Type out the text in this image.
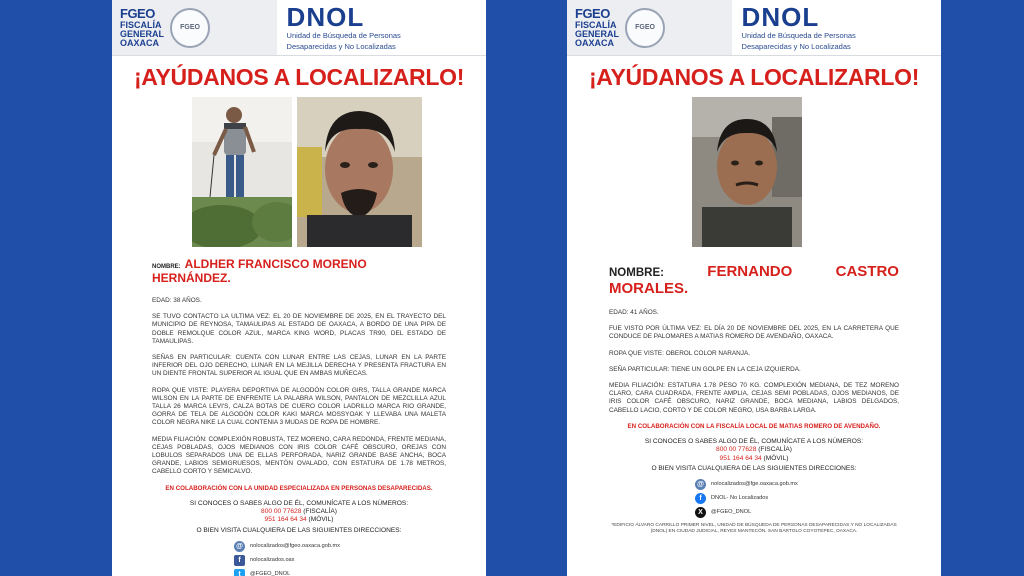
FGEO
FISCALÍA
GENERAL
OAXACA
FGEO	DNOL
Unidad de Búsqueda de Personas
Desaparecidas y No Localizadas
¡AYÚDANOS A LOCALIZARLO!
NOMBRE: ALDHER FRANCISCO MORENO
HERNÁNDEZ.
EDAD: 38 AÑOS.
SE TUVO CONTACTO LA ULTIMA VEZ: EL 20 DE NOVIEMBRE DE 2025, EN EL TRAYECTO DEL MUNICIPIO DE REYNOSA, TAMAULIPAS AL ESTADO DE OAXACA, A BORDO DE UNA PIPA DE DOBLE REMOLQUE COLOR AZUL, MARCA KING WORD, PLACAS TR90, DEL ESTADO DE TAMAULIPAS.
SEÑAS EN PARTICULAR: CUENTA CON LUNAR ENTRE LAS CEJAS, LUNAR EN LA PARTE INFERIOR DEL OJO DERECHO, LUNAR EN LA MEJILLA DERECHA Y PRESENTA FRACTURA EN UN DIENTE FRONTAL SUPERIOR AL IGUAL QUE EN AMBAS MUÑECAS.
ROPA QUE VISTE: PLAYERA DEPORTIVA DE ALGODÓN COLOR GIRS, TALLA GRANDE MARCA WILSON EN LA PARTE DE ENFRENTE LA PALABRA WILSON, PANTALON DE MEZCLILLA AZUL TALLA 26 MARCA LEVI'S, CALZA BOTAS DE CUERO COLOR LADRILLO MARCA RIO GRANDE, GORRA DE TELA DE ALGODÓN COLOR KAKI MARCA MOSSYOAK Y LLEVABA UNA MALETA COLOR NEGRA NIKE LA CUAL CONTENIA 3 MUDAS DE ROPA DE HOMBRE.
MEDIA FILIACIÓN: COMPLEXIÓN ROBUSTA, TEZ MORENO, CARA REDONDA, FRENTE MEDIANA, CEJAS POBLADAS, OJOS MEDIANOS CON IRIS COLOR CAFÉ OBSCURO, OREJAS CON LOBULOS SEPARADOS UNA DE ELLAS PERFORADA, NARIZ GRANDE BASE ANCHA, BOCA GRANDE, LABIOS SEMIGRUESOS, MENTÓN OVALADO, CON ESTATURA DE 1.78 METROS, CABELLO CORTO Y SEMICALVO.
EN COLABORACIÓN CON LA UNIDAD ESPECIALIZADA EN PERSONAS DESAPARECIDAS.
SI CONOCES O SABES ALGO DE ÉL, COMUNÍCATE A LOS NÚMEROS:
800 00 77628 (FISCALÍA)
951 164 64 34 (MÓVIL)
O BIEN VISITA CUALQUIERA DE LAS SIGUIENTES DIRECCIONES:
@	nolocalizados@fgeo.oaxaca.gob.mx
f	nolocalizados.oax
t	@FGEO_DNOL
FGEO
FISCALÍA
GENERAL
OAXACA
FGEO	DNOL
Unidad de Búsqueda de Personas
Desaparecidas y No Localizadas
¡AYÚDANOS A LOCALIZARLO!
NOMBRE:	FERNANDO	CASTRO
MORALES.
EDAD: 41 AÑOS.
FUE VISTO POR ÚLTIMA VEZ: EL DÍA 20 DE NOVIEMBRE DEL 2025, EN LA CARRETERA QUE CONDUCE DE PALOMARES A MATIAS ROMERO DE AVENDAÑO, OAXACA.
ROPA QUE VISTE: OBEROL COLOR NARANJA.
SEÑA PARTICULAR: TIENE UN GOLPE EN LA CEJA IZQUIERDA.
MEDIA FILIACIÓN: ESTATURA 1.78 PESO 70 KG. COMPLEXIÓN MEDIANA, DE TEZ MORENO CLARO, CARA CUADRADA, FRENTE AMPLIA, CEJAS SEMI POBLADAS, OJOS MEDIANOS, DE IRIS COLOR CAFÉ OBSCURO, NARIZ GRANDE, BOCA MEDIANA, LABIOS DELGADOS, CABELLO LACIO, CORTO Y DE COLOR NEGRO, USA BARBA LARGA.
EN COLABORACIÓN CON LA FISCALÍA LOCAL DE MATIAS ROMERO DE AVENDAÑO.
SI CONOCES O SABES ALGO DE ÉL, COMUNÍCATE A LOS NÚMEROS:
800 00 77628 (FISCALÍA)
951 164 64 34 (MÓVIL)
O BIEN VISITA CUALQUIERA DE LAS SIGUIENTES DIRECCIONES:
@	nolocalizados@fge.oaxaca.gob.mx
f	DNOL- No Localizados
X	@FGEO_DNOL
*EDIFICIO ÁLVARO CARRILLO PRIMER NIVEL, UNIDAD DE BÚSQUEDA DE PERSONAS DESAPARECIDAS Y NO LOCALIZADAS (DNOL) EN CIUDAD JUDICIAL, REYES MANTECÓN, SAN BARTOLO COYOTEPEC, OAXACA.
